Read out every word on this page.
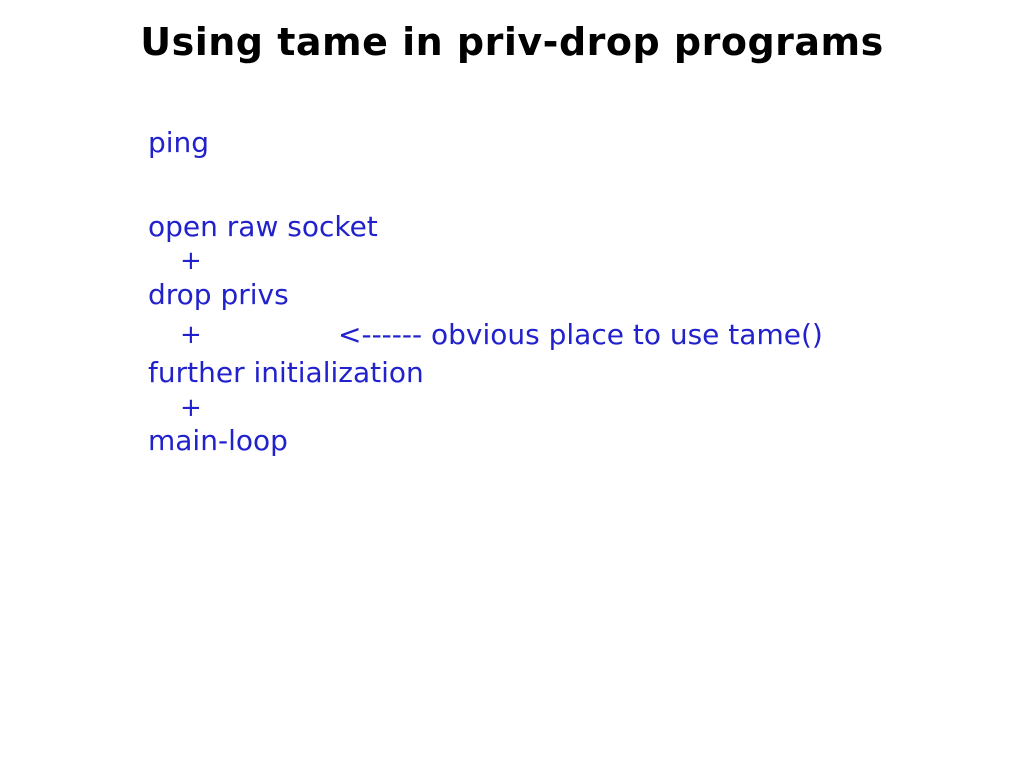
Using tame in priv-drop programs
ping
open raw socket
+
drop privs

+

	<------ obvious place to use tame()

further initialization
+
main-loop
